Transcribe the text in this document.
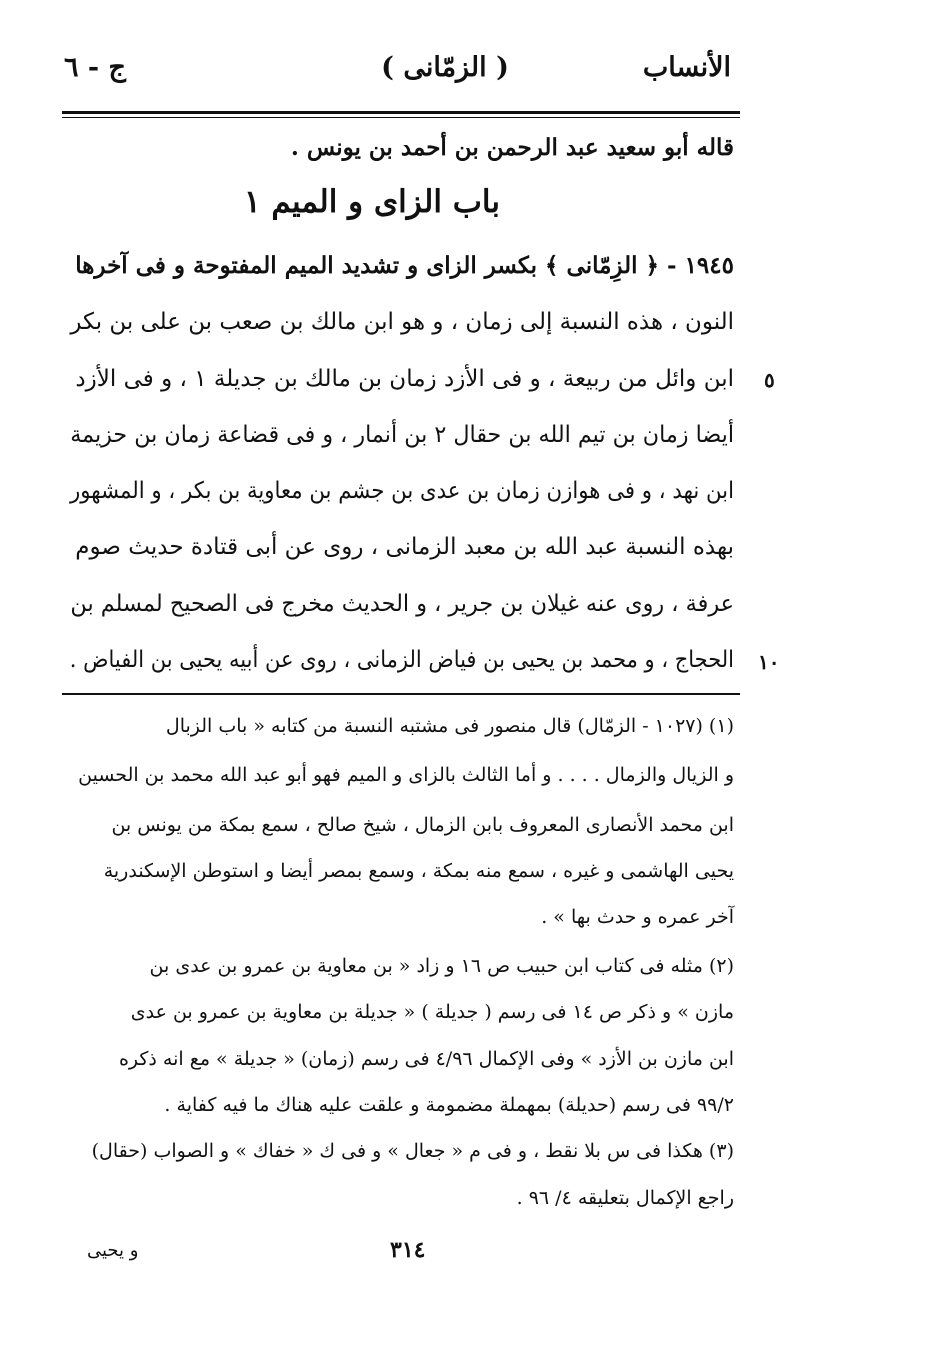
الأنساب
( الزمّانى )
ج - ٦
قاله أبو سعيد عبد الرحمن بن أحمد بن يونس .
باب الزاى و الميم ١
١٩٤٥ - ﴿ الزِمّانى ﴾ بكسر الزاى و تشديد الميم المفتوحة و فى آخرها
النون ، هذه النسبة إلى زمان ، و هو ابن مالك بن صعب بن على بن بكر
ابن وائل من ربيعة ، و فى الأزد زمان بن مالك بن جديلة ١ ، و فى الأزد
أيضا زمان بن تيم الله بن حقال ٢ بن أنمار ، و فى قضاعة زمان بن حزيمة
ابن نهد ، و فى هوازن زمان بن عدى بن جشم بن معاوية بن بكر ، و المشهور
بهذه النسبة عبد الله بن معبد الزمانى ، روى عن أبى قتادة حديث صوم
عرفة ، روى عنه غيلان بن جرير ، و الحديث مخرج فى الصحيح لمسلم بن
الحجاج ، و محمد بن يحيى بن فياض الزمانى ، روى عن أبيه يحيى بن الفياض .
٥
١٠
(١) (١٠٢٧ - الزمّال) قال منصور فى مشتبه النسبة من كتابه « باب الزبال
و الزيال والزمال . . . . و أما الثالث بالزاى و الميم فهو أبو عبد الله محمد بن الحسين
ابن محمد الأنصارى المعروف بابن الزمال ، شيخ صالح ، سمع بمكة من يونس بن
يحيى الهاشمى و غيره ، سمع منه بمكة ، وسمع بمصر أيضا و استوطن الإسكندرية
آخر عمره و حدث بها » .
(٢) مثله فى كتاب ابن حبيب ص ١٦ و زاد « بن معاوية بن عمرو بن عدى بن
مازن » و ذكر ص ١٤ فى رسم ( جديلة ) « جديلة بن معاوية بن عمرو بن عدى
ابن مازن بن الأزد » وفى الإكمال ٤/٩٦ فى رسم (زمان) « جديلة » مع انه ذكره
٩٩/٢ فى رسم (حديلة) بمهملة مضمومة و علقت عليه هناك ما فيه كفاية .
(٣) هكذا فى س بلا نقط ، و فى م « جعال » و فى ك « خفاك » و الصواب (حقال)
راجع الإكمال بتعليقه ٤/ ٩٦ .
٣١٤
و يحيى
